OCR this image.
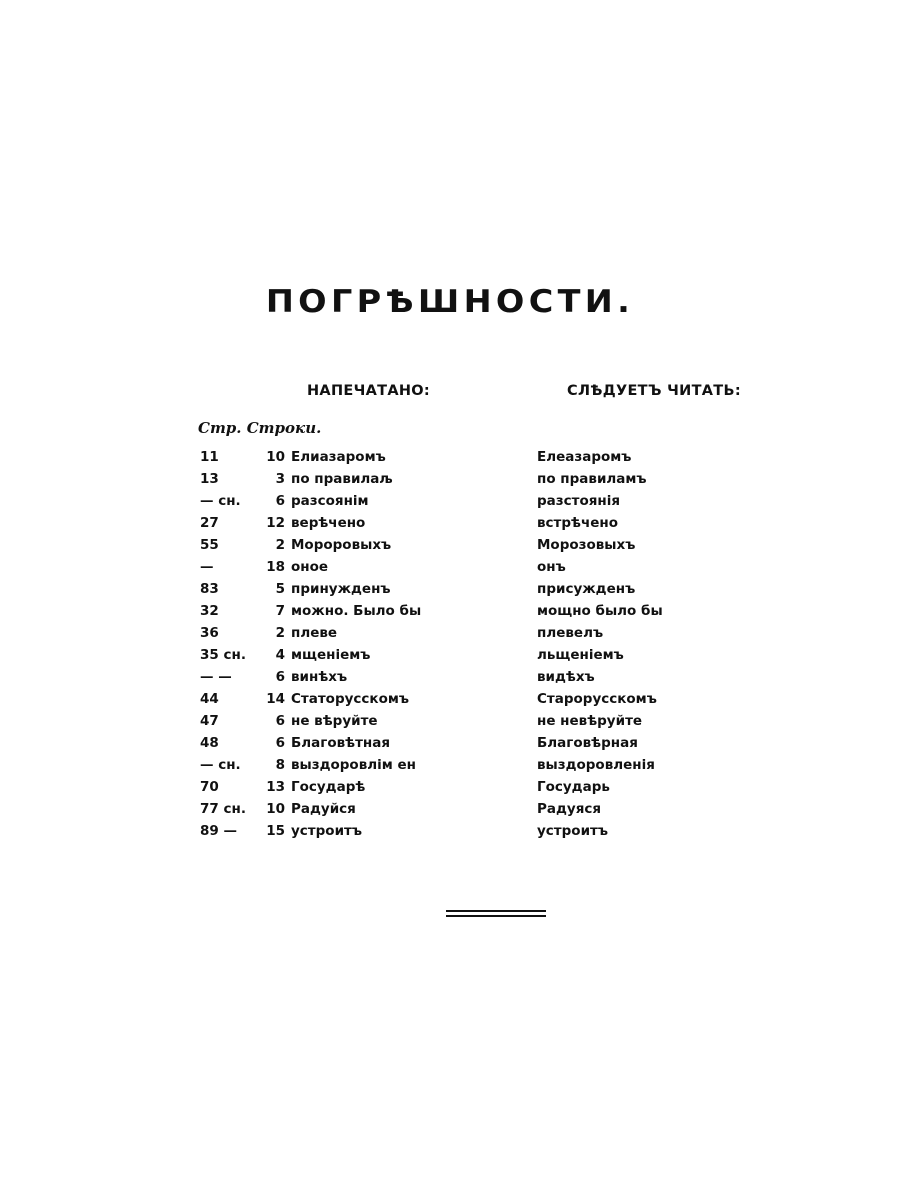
ПОГРѢШНОСТИ.
НАПЕЧАТАНО:	СЛѢДУЕТЪ ЧИТАТЬ:
Стр. Строки.
11	10 Елиазаромъ	Елеазаромъ
13	3 по правилаљ	по правиламъ
— сн.	6 разсоянім	разстоянія
27	12 верѣчено	встрѣчено
55	2 Мороровыхъ	Морозовыхъ
—	18 оное	онъ
83	5 принужденъ	присужденъ
32	7 можно. Было бы	мощно было бы
36	2 плеве	плевелъ
35 сн.	4 мщеніемъ	льщеніемъ
— —	6 винѣхъ	видѣхъ
44	14 Статорусскомъ	Старорусскомъ
47	6 не вѣруйте	не невѣруйте
48	6 Благовѣтная	Благовѣрная
— сн.	8 выздоровлім ен	выздоровленія
70	13 Государѣ	Государь
77 сн.	10 Радуйся	Радуяся
89 —	15 устроитъ	устроитъ
